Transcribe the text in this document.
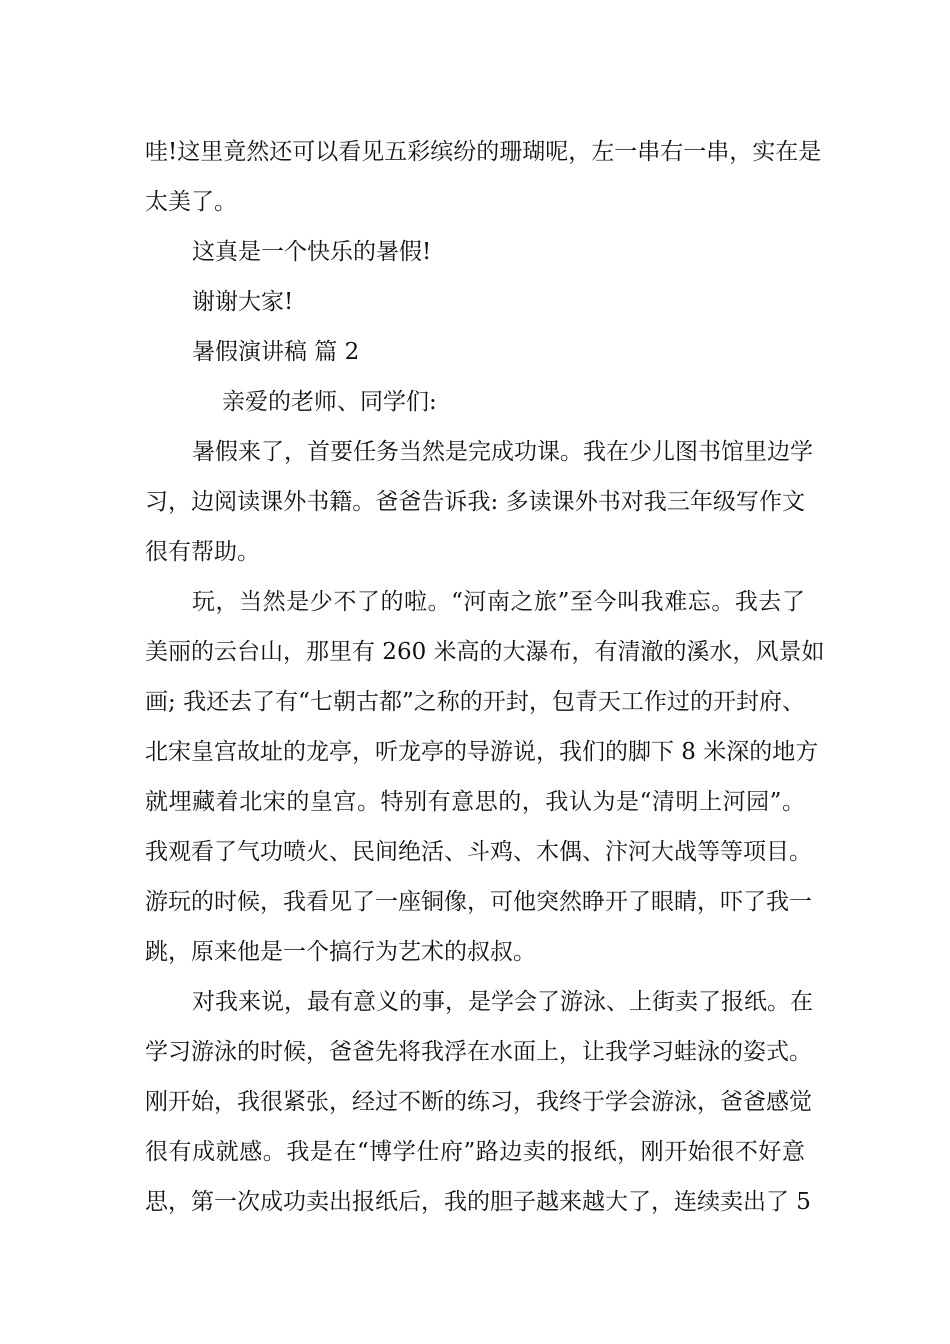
哇!这里竟然还可以看见五彩缤纷的珊瑚呢，左一串右一串，实在是
太美了。
这真是一个快乐的暑假!
谢谢大家!
暑假演讲稿 篇 2
亲爱的老师、同学们:
暑假来了，首要任务当然是完成功课。我在少儿图书馆里边学
习，边阅读课外书籍。爸爸告诉我: 多读课外书对我三年级写作文
很有帮助。
玩，当然是少不了的啦。“河南之旅”至今叫我难忘。我去了
美丽的云台山，那里有 260 米高的大瀑布，有清澈的溪水，风景如
画; 我还去了有“七朝古都”之称的开封，包青天工作过的开封府、
北宋皇宫故址的龙亭，听龙亭的导游说，我们的脚下 8 米深的地方
就埋藏着北宋的皇宫。特别有意思的，我认为是“清明上河园”。
我观看了气功喷火、民间绝活、斗鸡、木偶、汴河大战等等项目。
游玩的时候，我看见了一座铜像，可他突然睁开了眼睛，吓了我一
跳，原来他是一个搞行为艺术的叔叔。
对我来说，最有意义的事，是学会了游泳、上街卖了报纸。在
学习游泳的时候，爸爸先将我浮在水面上，让我学习蛙泳的姿式。
刚开始，我很紧张，经过不断的练习，我终于学会游泳，爸爸感觉
很有成就感。我是在“博学仕府”路边卖的报纸，刚开始很不好意
思，第一次成功卖出报纸后，我的胆子越来越大了，连续卖出了 5
